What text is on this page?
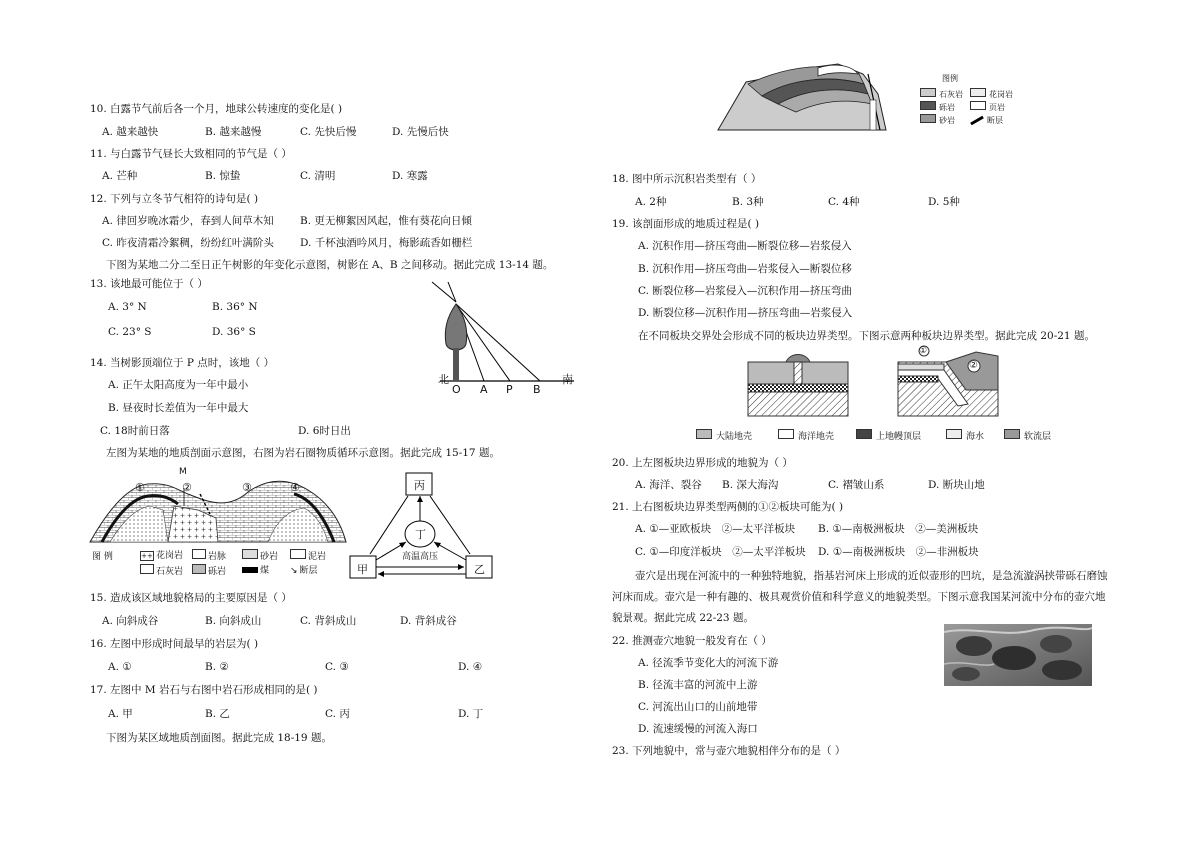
10. 白露节气前后各一个月，地球公转速度的变化是( )
A. 越来越快	B. 越来越慢	C. 先快后慢	D. 先慢后快
11. 与白露节气昼长大致相同的节气是（ ）
A. 芒种	B. 惊蛰	C. 清明	D. 寒露
12. 下列与立冬节气相符的诗句是( )
A. 律回岁晚冰霜少，春到人间草木知 B. 更无柳絮因风起，惟有葵花向日倾
C. 昨夜清霜冷絮稠，纷纷红叶满阶头 D. 千杯浊酒吟风月，梅影疏香如栅栏
下图为某地二分二至日正午树影的年变化示意图，树影在 A、B 之间移动。据此完成 13-14 题。
13. 该地最可能位于（ ）
A. 3° N	B. 36° N
C. 23° S	D. 36° S
14. 当树影顶端位于 P 点时，该地（ ）
A. 正午太阳高度为一年中最小
B. 昼夜时长差值为一年中最大
C. 18时前日落	D. 6时日出
北
O A P B
南
左图为某地的地质剖面示意图，右图为岩石圈物质循环示意图。据此完成 15-17 题。
M
①	②	③	④
图 例	++ 花岗岩	岩脉	砂岩	泥岩
石灰岩	砾岩	煤 ↘ 断层
丙
丁
甲	乙
高温高压
15. 造成该区域地貌格局的主要原因是（ ）
A. 向斜成谷	B. 向斜成山	C. 背斜成山	D. 背斜成谷
16. 左图中形成时间最早的岩层为( )
A. ①	B. ②	C. ③	D. ④
17. 左图中 M 岩石与右图中岩石形成相同的是( )
A. 甲	B. 乙	C. 丙	D. 丁
下图为某区域地质剖面图。据此完成 18-19 题。
图例
石灰岩	花岗岩
砾岩	页岩
砂岩	断层
18. 图中所示沉积岩类型有（ ）
A. 2种	B. 3种	C. 4种	D. 5种
19. 该剖面形成的地质过程是( )
A. 沉积作用—挤压弯曲—断裂位移—岩浆侵入
B. 沉积作用—挤压弯曲—岩浆侵入—断裂位移
C. 断裂位移—岩浆侵入—沉积作用—挤压弯曲
D. 断裂位移—沉积作用—挤压弯曲—岩浆侵入
在不同板块交界处会形成不同的板块边界类型。下图示意两种板块边界类型。据此完成 20-21 题。
①
②
大陆地壳	海洋地壳	上地幔顶层	海水	软流层
20. 上左图板块边界形成的地貌为（ ）
A. 海洋、裂谷 B. 深大海沟	C. 褶皱山系	D. 断块山地
21. 上右图板块边界类型两侧的①②板块可能为( )
A. ①—亚欧板块　②—太平洋板块 B. ①—南极洲板块　②—美洲板块
C. ①—印度洋板块　②—太平洋板块 D. ①—南极洲板块　②—非洲板块
壶穴是出现在河流中的一种独特地貌，指基岩河床上形成的近似壶形的凹坑，是急流漩涡挟带砾石磨蚀
河床而成。壶穴是一种有趣的、极具观赏价值和科学意义的地貌类型。下图示意我国某河流中分布的壶穴地
貌景观。据此完成 22-23 题。
22. 推测壶穴地貌一般发育在（ ）
A. 径流季节变化大的河流下游
B. 径流丰富的河流中上游
C. 河流出山口的山前地带
D. 流速缓慢的河流入海口
23. 下列地貌中，常与壶穴地貌相伴分布的是（ ）
